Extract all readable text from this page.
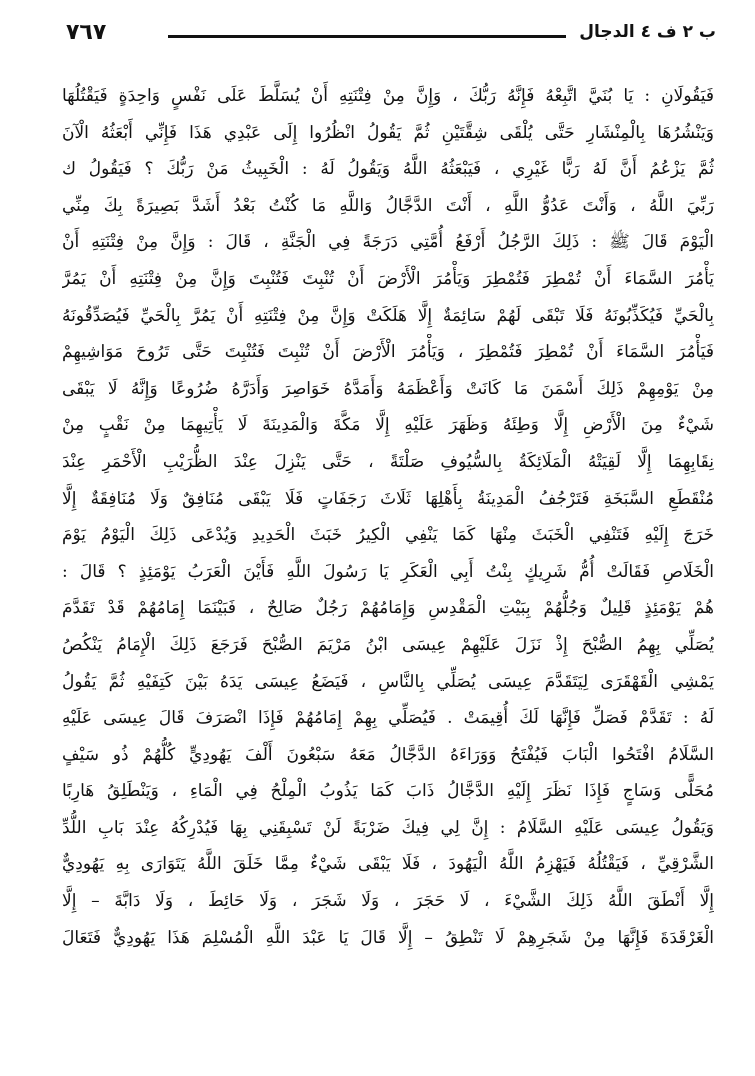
٧٦٧	ب ٢ ف ٤ الدجال
فَيَقُولَانِ : يَا بُنَيَّ اتَّبِعْهُ فَإِنَّهُ رَبُّكَ ، وَإِنَّ مِنْ فِتْنَتِهِ أَنْ يُسَلَّطَ عَلَى نَفْسٍ وَاحِدَةٍ فَيَقْتُلُهَا
وَيَنْشُرُهَا بِالْمِنْشَارِ حَتَّى يُلْقَى شِقَّتَيْنِ ثُمَّ يَقُولُ انْظُرُوا إِلَى عَبْدِي هَذَا فَإِنِّي أَبْعَثُهُ الْآنَ
ثُمَّ يَزْعُمُ أَنَّ لَهُ رَبًّا غَيْرِي ، فَيَبْعَثُهُ اللَّهُ وَيَقُولُ لَهُ : الْخَبِيثُ مَنْ رَبُّكَ ؟ فَيَقُولُ ك
رَبِّيَ اللَّهُ ، وَأَنْتَ عَدُوُّ اللَّهِ ، أَنْتَ الدَّجَّالُ وَاللَّهِ مَا كُنْتُ بَعْدُ أَشَدَّ بَصِيرَةً بِكَ مِنِّي
الْيَوْمَ قَالَ ﷺ : ذَلِكَ الرَّجُلُ أَرْفَعُ أُمَّتِي دَرَجَةً فِي الْجَنَّةِ ، قَالَ : وَإِنَّ مِنْ فِتْنَتِهِ أَنْ
يَأْمُرَ السَّمَاءَ أَنْ تُمْطِرَ فَتُمْطِرَ وَيَأْمُرَ الْأَرْضَ أَنْ تُنْبِتَ فَتُنْبِتَ وَإِنَّ مِنْ فِتْنَتِهِ أَنْ يَمُرَّ
بِالْحَيِّ فَيُكَذِّبُونَهُ فَلَا تَبْقَى لَهُمْ سَائِمَةٌ إِلَّا هَلَكَتْ وَإِنَّ مِنْ فِتْنَتِهِ أَنْ يَمُرَّ بِالْحَيِّ فَيُصَدِّقُونَهُ
فَيَأْمُرَ السَّمَاءَ أَنْ تُمْطِرَ فَتُمْطِرَ ، وَيَأْمُرَ الْأَرْضَ أَنْ تُنْبِتَ فَتُنْبِتَ حَتَّى تَرُوحَ مَوَاشِيهِمْ
مِنْ يَوْمِهِمْ ذَلِكَ أَسْمَنَ مَا كَانَتْ وَأَعْظَمَهُ وَأَمَدَّهُ خَوَاصِرَ وَأَدَرَّهُ ضُرُوعًا وَإِنَّهُ لَا يَبْقَى
شَيْءٌ مِنَ الْأَرْضِ إِلَّا وَطِئَهُ وَظَهَرَ عَلَيْهِ إِلَّا مَكَّةَ وَالْمَدِينَةَ لَا يَأْتِيهِمَا مِنْ نَقْبٍ مِنْ
نِقَابِهِمَا إِلَّا لَقِيَتْهُ الْمَلَائِكَةُ بِالسُّيُوفِ صَلْتَةً ، حَتَّى يَنْزِلَ عِنْدَ الظُّرَيْبِ الْأَحْمَرِ عِنْدَ
مُنْقَطَعِ السَّبَخَةِ فَتَرْجُفُ الْمَدِينَةُ بِأَهْلِهَا ثَلَاثَ رَجَفَاتٍ فَلَا يَبْقَى مُنَافِقٌ وَلَا مُنَافِقَةٌ إِلَّا
خَرَجَ إِلَيْهِ فَتَنْفِي الْخَبَثَ مِنْهَا كَمَا يَنْفِي الْكِيرُ خَبَثَ الْحَدِيدِ وَيُدْعَى ذَلِكَ الْيَوْمُ يَوْمَ
الْخَلَاصِ فَقَالَتْ أُمُّ شَرِيكٍ بِنْتُ أَبِي الْعَكَرِ يَا رَسُولَ اللَّهِ فَأَيْنَ الْعَرَبُ يَوْمَئِذٍ ؟ قَالَ :
هُمْ يَوْمَئِذٍ قَلِيلٌ وَجُلُّهُمْ بِبَيْتِ الْمَقْدِسِ وَإِمَامُهُمْ رَجُلٌ صَالِحٌ ، فَبَيْنَمَا إِمَامُهُمْ قَدْ تَقَدَّمَ
يُصَلِّي بِهِمُ الصُّبْحَ إِذْ نَزَلَ عَلَيْهِمْ عِيسَى ابْنُ مَرْيَمَ الصُّبْحَ فَرَجَعَ ذَلِكَ الْإِمَامُ يَنْكُصُ
يَمْشِي الْقَهْقَرَى لِيَتَقَدَّمَ عِيسَى يُصَلِّي بِالنَّاسِ ، فَيَضَعُ عِيسَى يَدَهُ بَيْنَ كَتِفَيْهِ ثُمَّ يَقُولُ
لَهُ : تَقَدَّمْ فَصَلِّ فَإِنَّهَا لَكَ أُقِيمَتْ . فَيُصَلِّي بِهِمْ إِمَامُهُمْ فَإِذَا انْصَرَفَ قَالَ عِيسَى عَلَيْهِ
السَّلَامُ افْتَحُوا الْبَابَ فَيُفْتَحُ وَوَرَاءَهُ الدَّجَّالُ مَعَهُ سَبْعُونَ أَلْفَ يَهُودِيٍّ كُلُّهُمْ ذُو سَيْفٍ
مُحَلًّى وَسَاجٍ فَإِذَا نَظَرَ إِلَيْهِ الدَّجَّالُ ذَابَ كَمَا يَذُوبُ الْمِلْحُ فِي الْمَاءِ ، وَيَنْطَلِقُ هَارِبًا
وَيَقُولُ عِيسَى عَلَيْهِ السَّلَامُ : إِنَّ لِي فِيكَ ضَرْبَةً لَنْ تَسْبِقَنِي بِهَا فَيُدْرِكُهُ عِنْدَ بَابِ اللُّدِّ
الشَّرْقِيِّ ، فَيَقْتُلُهُ فَيَهْزِمُ اللَّهُ الْيَهُودَ ، فَلَا يَبْقَى شَيْءٌ مِمَّا خَلَقَ اللَّهُ يَتَوَارَى بِهِ يَهُودِيٌّ
إِلَّا أَنْطَقَ اللَّهُ ذَلِكَ الشَّيْءَ ، لَا حَجَرَ ، وَلَا شَجَرَ ، وَلَا حَائِطَ ، وَلَا دَابَّةَ – إِلَّا
الْغَرْقَدَةَ فَإِنَّهَا مِنْ شَجَرِهِمْ لَا تَنْطِقُ – إِلَّا قَالَ يَا عَبْدَ اللَّهِ الْمُسْلِمَ هَذَا يَهُودِيٌّ فَتَعَالَ
